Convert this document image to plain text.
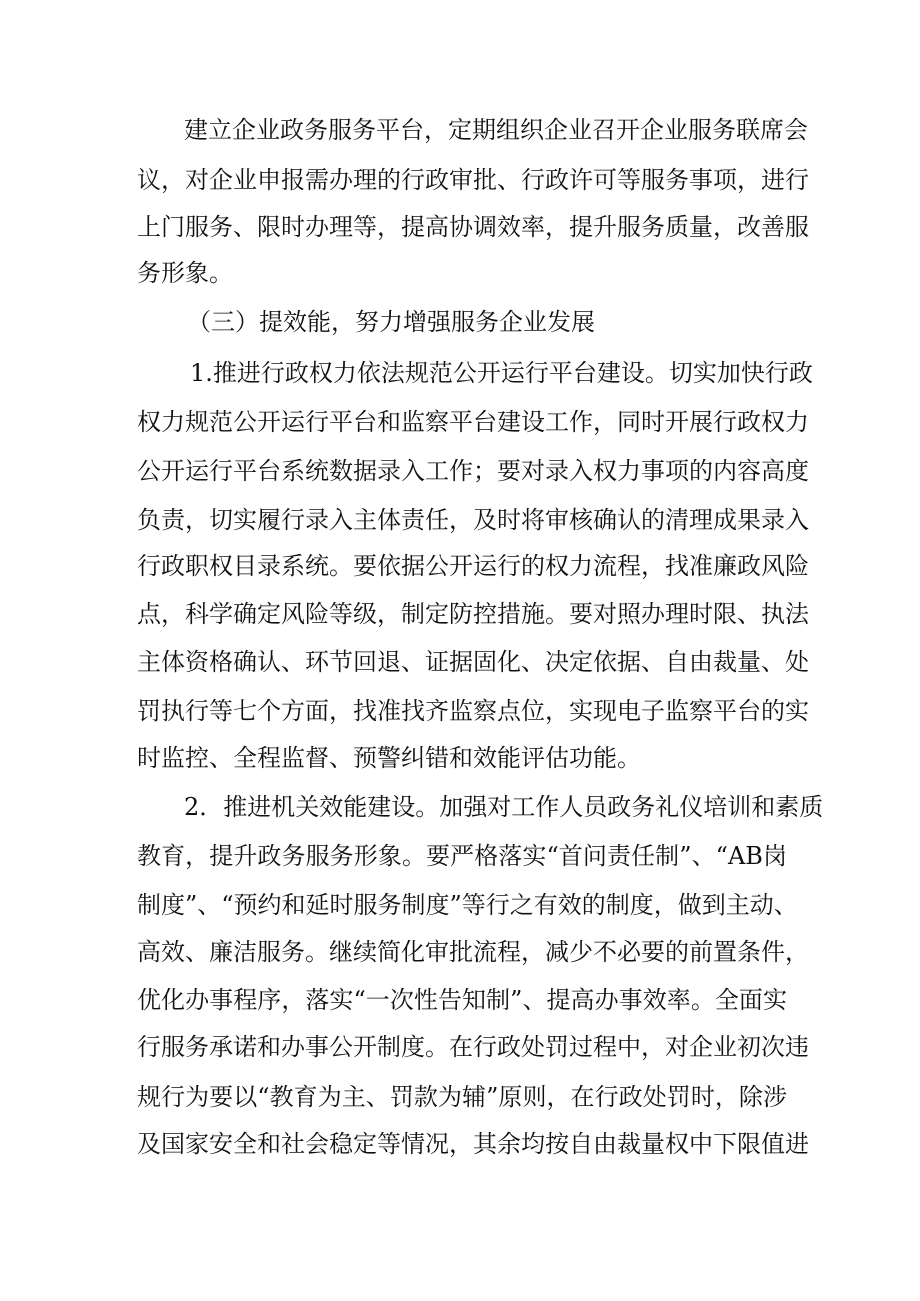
建立企业政务服务平台，定期组织企业召开企业服务联席会
议，对企业申报需办理的行政审批、行政许可等服务事项，进行
上门服务、限时办理等，提高协调效率，提升服务质量，改善服
务形象。
（三）提效能，努力增强服务企业发展
1.推进行政权力依法规范公开运行平台建设。切实加快行政
权力规范公开运行平台和监察平台建设工作，同时开展行政权力
公开运行平台系统数据录入工作；要对录入权力事项的内容高度
负责，切实履行录入主体责任，及时将审核确认的清理成果录入
行政职权目录系统。要依据公开运行的权力流程，找准廉政风险
点，科学确定风险等级，制定防控措施。要对照办理时限、执法
主体资格确认、环节回退、证据固化、决定依据、自由裁量、处
罚执行等七个方面，找准找齐监察点位，实现电子监察平台的实
时监控、全程监督、预警纠错和效能评估功能。
2．推进机关效能建设。加强对工作人员政务礼仪培训和素质
教育，提升政务服务形象。要严格落实“首问责任制”、“AB岗
制度”、“预约和延时服务制度”等行之有效的制度，做到主动、
高效、廉洁服务。继续简化审批流程，减少不必要的前置条件，
优化办事程序，落实“一次性告知制”、提高办事效率。全面实
行服务承诺和办事公开制度。在行政处罚过程中，对企业初次违
规行为要以“教育为主、罚款为辅”原则，在行政处罚时，除涉
及国家安全和社会稳定等情况，其余均按自由裁量权中下限值进
